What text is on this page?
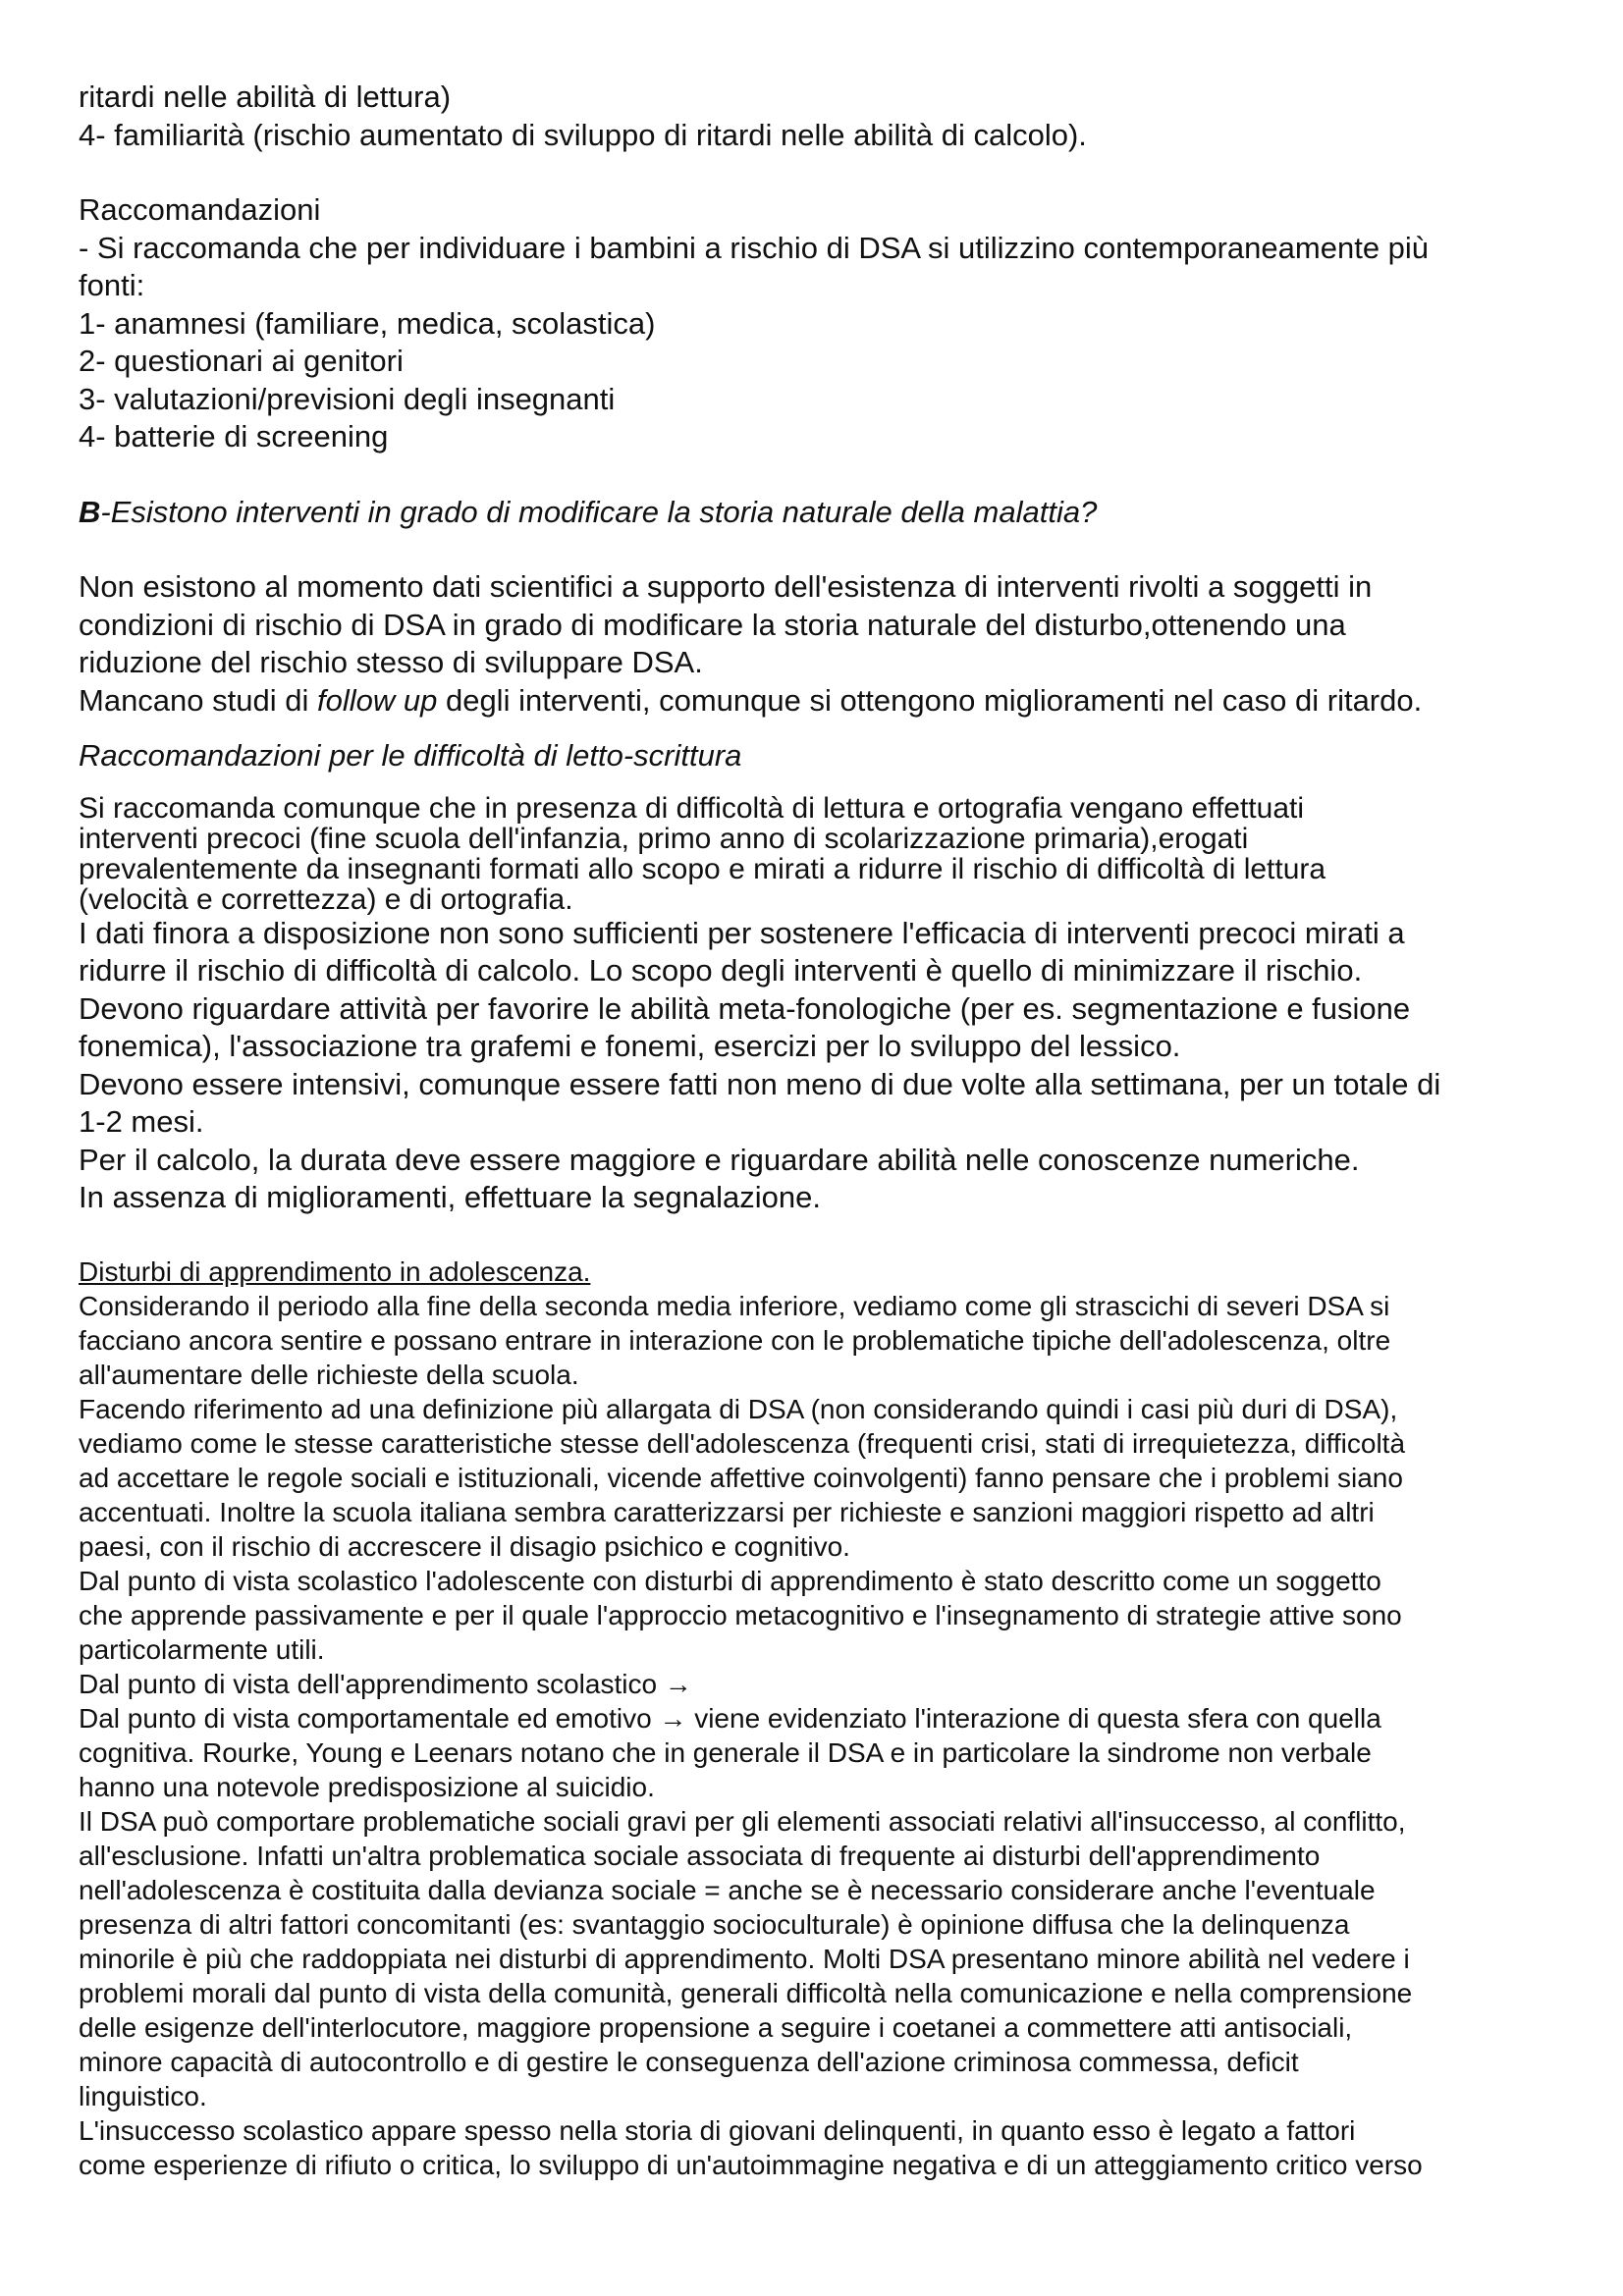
ritardi nelle abilità di lettura)

4- familiarità (rischio aumentato di sviluppo di ritardi nelle abilità di calcolo).

Raccomandazioni

- Si raccomanda che per individuare i bambini a rischio di DSA si utilizzino contemporaneamente più

fonti:

1- anamnesi (familiare, medica, scolastica)

2- questionari ai genitori

3- valutazioni/previsioni degli insegnanti

4- batterie di screening

B-Esistono interventi in grado di modificare la storia naturale della malattia?

Non esistono al momento dati scientifici a supporto dell'esistenza di interventi rivolti a soggetti in

condizioni di rischio di DSA in grado di modificare la storia naturale del disturbo,ottenendo una

riduzione del rischio stesso di sviluppare DSA.

Mancano studi di follow up degli interventi, comunque si ottengono miglioramenti nel caso di ritardo.

Raccomandazioni per le difficoltà di letto-scrittura

Si raccomanda comunque che in presenza di difficoltà di lettura e ortografia vengano effettuati

interventi precoci (fine scuola dell'infanzia, primo anno di scolarizzazione primaria),erogati

prevalentemente da insegnanti formati allo scopo e mirati a ridurre il rischio di difficoltà di lettura

(velocità e correttezza) e di ortografia.

I dati finora a disposizione non sono sufficienti per sostenere l'efficacia di interventi precoci mirati a

ridurre il rischio di difficoltà di calcolo. Lo scopo degli interventi è quello di minimizzare il rischio.

Devono riguardare attività per favorire le abilità meta-fonologiche (per es. segmentazione e fusione

fonemica), l'associazione tra grafemi e fonemi, esercizi per lo sviluppo del lessico.

Devono essere intensivi, comunque essere fatti non meno di due volte alla settimana, per un totale di

1-2 mesi.

Per il calcolo, la durata deve essere maggiore e riguardare abilità nelle conoscenze numeriche.

In assenza di miglioramenti, effettuare la segnalazione.

Disturbi di apprendimento in adolescenza.

Considerando il periodo alla fine della seconda media inferiore, vediamo come gli strascichi di severi DSA si

facciano ancora sentire e possano entrare in interazione con le problematiche tipiche dell'adolescenza, oltre

all'aumentare delle richieste della scuola.

Facendo riferimento ad una definizione più allargata di DSA (non considerando quindi i casi più duri di DSA),

vediamo come le stesse caratteristiche stesse dell'adolescenza (frequenti crisi, stati di irrequietezza, difficoltà

ad accettare le regole sociali e istituzionali, vicende affettive coinvolgenti) fanno pensare che i problemi siano

accentuati. Inoltre la scuola italiana sembra caratterizzarsi per richieste e sanzioni maggiori rispetto ad altri

paesi, con il rischio di accrescere il disagio psichico e cognitivo.

Dal punto di vista scolastico l'adolescente con disturbi di apprendimento è stato descritto come un soggetto

che apprende passivamente e per il quale l'approccio metacognitivo e l'insegnamento di strategie attive sono

particolarmente utili.

Dal punto di vista dell'apprendimento scolastico →

Dal punto di vista comportamentale ed emotivo → viene evidenziato l'interazione di questa sfera con quella

cognitiva. Rourke, Young e Leenars notano che in generale il DSA e in particolare la sindrome non verbale

hanno una notevole predisposizione al suicidio.

Il DSA può comportare problematiche sociali gravi per gli elementi associati relativi all'insuccesso, al conflitto,

all'esclusione. Infatti un'altra problematica sociale associata di frequente ai disturbi dell'apprendimento

nell'adolescenza è costituita dalla devianza sociale = anche se è necessario considerare anche l'eventuale

presenza di altri fattori concomitanti (es: svantaggio socioculturale) è opinione diffusa che la delinquenza

minorile è più che raddoppiata nei disturbi di apprendimento. Molti DSA presentano minore abilità nel vedere i

problemi morali dal punto di vista della comunità, generali difficoltà nella comunicazione e nella comprensione

delle esigenze dell'interlocutore, maggiore propensione a seguire i coetanei a commettere atti antisociali,

minore capacità di autocontrollo e di gestire le conseguenza dell'azione criminosa commessa, deficit

linguistico.

L'insuccesso scolastico appare spesso nella storia di giovani delinquenti, in quanto esso è legato a fattori

come esperienze di rifiuto o critica, lo sviluppo di un'autoimmagine negativa e di un atteggiamento critico verso
